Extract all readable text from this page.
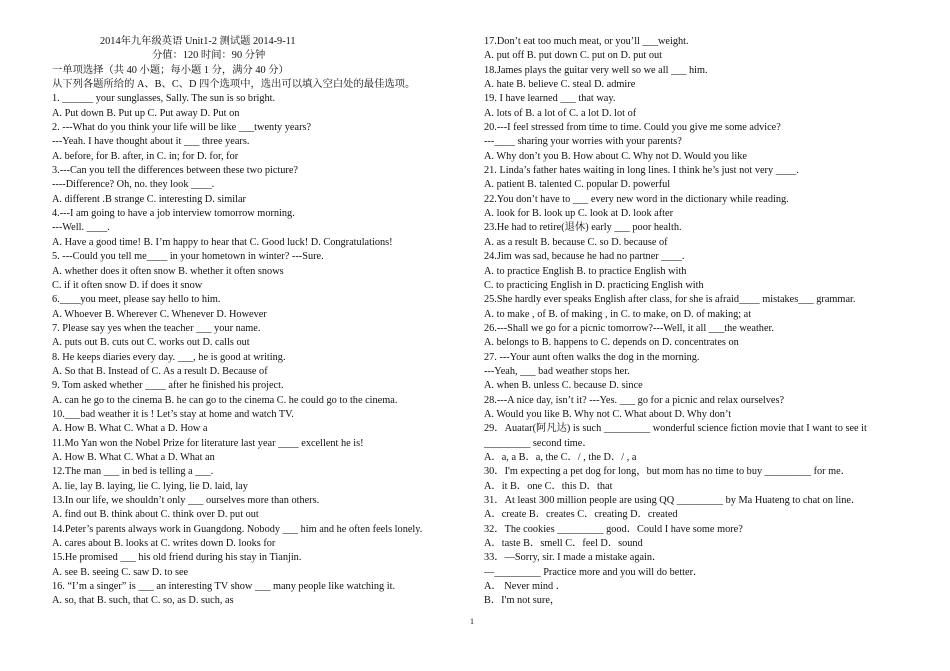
2014年九年级英语 Unit1-2 测试题 2014-9-11
分值：120 时间：90 分钟
一单项选择（共 40 小题；每小题 1 分，满分 40 分）
从下列各题所给的 A、B、C、D 四个选项中，选出可以填入空白处的最佳选项。
1. ______ your sunglasses, Sally. The sun is so bright.
A. Put down B. Put up C. Put away D. Put on
2. ---What do you think your life will be like ___twenty years?
---Yeah. I have thought about it ___ three years.
A. before, for B. after, in C. in; for D. for, for
3.---Can you tell the differences between these two picture?
----Difference? Oh, no. they look ____.
A. different .B strange C. interesting D. similar
4.---I am going to have a job interview tomorrow morning.
---Well. ____.
A. Have a good time! B. I’m happy to hear that C. Good luck! D. Congratulations!
5. ---Could you tell me____ in your hometown in winter? ---Sure.
A. whether does it often snow B. whether it often snows
C. if it often snow D. if does it snow
6.____you meet, please say hello to him.
A. Whoever B. Wherever C. Whenever D. However
7. Please say yes when the teacher ___ your name.
A. puts out B. cuts out C. works out D. calls out
8. He keeps diaries every day. ___, he is good at writing.
A. So that B. Instead of C. As a result D. Because of
9. Tom asked whether ____ after he finished his project.
A. can he go to the cinema B. he can go to the cinema C. he could go to the cinema.
10.___bad weather it is ! Let’s stay at home and watch TV.
A. How B. What C. What a D. How a
11.Mo Yan won the Nobel Prize for literature last year ____ excellent he is!
A. How B. What C. What a D. What an
12.The man ___ in bed is telling a ___.
A. lie, lay B. laying, lie C. lying, lie D. laid, lay
13.In our life, we shouldn’t only ___ ourselves more than others.
A. find out B. think about C. think over D. put out
14.Peter’s parents always work in Guangdong. Nobody ___ him and he often feels lonely.
A. cares about B. looks at C. writes down D. looks for
15.He promised ___ his old friend during his stay in Tianjin.
A. see B. seeing C. saw D. to see
16. “I’m a singer” is ___ an interesting TV show ___ many people like watching it.
A. so, that B. such, that C. so, as D. such, as
17.Don’t eat too much meat, or you’ll ___weight.
A. put off B. put down C. put on D. put out
18.James plays the guitar very well so we all ___ him.
A. hate B. believe C. steal D. admire
19. I have learned ___ that way.
A. lots of B. a lot of C. a lot D. lot of
20.---I feel stressed from time to time. Could you give me some advice?
---____ sharing your worries with your parents?
A. Why don’t you B. How about C. Why not D. Would you like
21. Linda’s father hates waiting in long lines. I think he’s just not very ____.
A. patient B. talented C. popular D. powerful
22.You don’t have to ___ every new word in the dictionary while reading.
A. look for B. look up C. look at D. look after
23.He had to retire(退休) early ___ poor health.
A. as a result B. because C. so D. because of
24.Jim was sad, because he had no partner ____.
A. to practice English B. to practice English with
C. to practicing English in D. practicing English with
25.She hardly ever speaks English after class, for she is afraid____ mistakes___ grammar.
A. to make , of B. of making , in C. to make, on D. of making; at
26.---Shall we go for a picnic tomorrow?---Well, it all ___the weather.
A. belongs to B. happens to C. depends on D. concentrates on
27. ---Your aunt often walks the dog in the morning.
---Yeah, ___ bad weather stops her.
A. when B. unless C. because D. since
28.---A nice day, isn’t it? ---Yes. ___ go for a picnic and relax ourselves?
A. Would you like B. Why not C. What about D. Why don’t
29．Auatar(阿凡达) is such _________ wonderful science fiction movie that I want to see it
_________ second time．
A．a, a B．a, the C．/ , the D．/ , a
30．I'm expecting a pet dog for long，but mom has no time to buy _________ for me．
A．it B．one C．this D．that
31．At least 300 million people are using QQ _________ by Ma Huateng to chat on line．
A．create B．creates C．creating D．created
32．The cookies _________ good．Could I have some more?
A．taste B．smell C．feel D．sound
33．—Sorry, sir. I made a mistake again．
—_________ Practice more and you will do better．
A． Never mind ．
B．I'm not sure，
1
